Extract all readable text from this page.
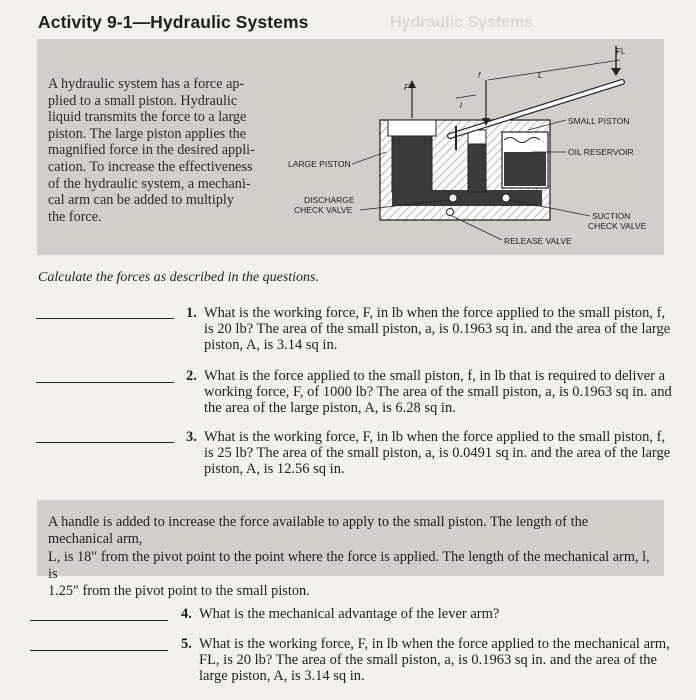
Activity 9-1—Hydraulic Systems	Hydraulic Systems
A hydraulic system has a force ap-
plied to a small piston. Hydraulic
liquid transmits the force to a large
piston. The large piston applies the
magnified force in the desired appli-
cation. To increase the effectiveness
of the hydraulic system, a mechani-
cal arm can be added to multiply
the force.
FL
F
f	L
l
SMALL PISTON
OIL RESERVOIR
LARGE PISTON
DISCHARGE
CHECK VALVE
SUCTION
CHECK VALVE
RELEASE VALVE
Calculate the forces as described in the questions.
1. What is the working force, F, in lb when the force applied to the small piston, f,
is 20 lb? The area of the small piston, a, is 0.1963 sq in. and the area of the large
piston, A, is 3.14 sq in.
2. What is the force applied to the small piston, f, in lb that is required to deliver a
working force, F, of 1000 lb? The area of the small piston, a, is 0.1963 sq in. and
the area of the large piston, A, is 6.28 sq in.
3. What is the working force, F, in lb when the force applied to the small piston, f,
is 25 lb? The area of the small piston, a, is 0.0491 sq in. and the area of the large
piston, A, is 12.56 sq in.
A handle is added to increase the force available to apply to the small piston. The length of the mechanical arm,
L, is 18″ from the pivot point to the point where the force is applied. The length of the mechanical arm, l, is
1.25″ from the pivot point to the small piston.
4. What is the mechanical advantage of the lever arm?
5. What is the working force, F, in lb when the force applied to the mechanical arm,
FL, is 20 lb? The area of the small piston, a, is 0.1963 sq in. and the area of the
large piston, A, is 3.14 sq in.
